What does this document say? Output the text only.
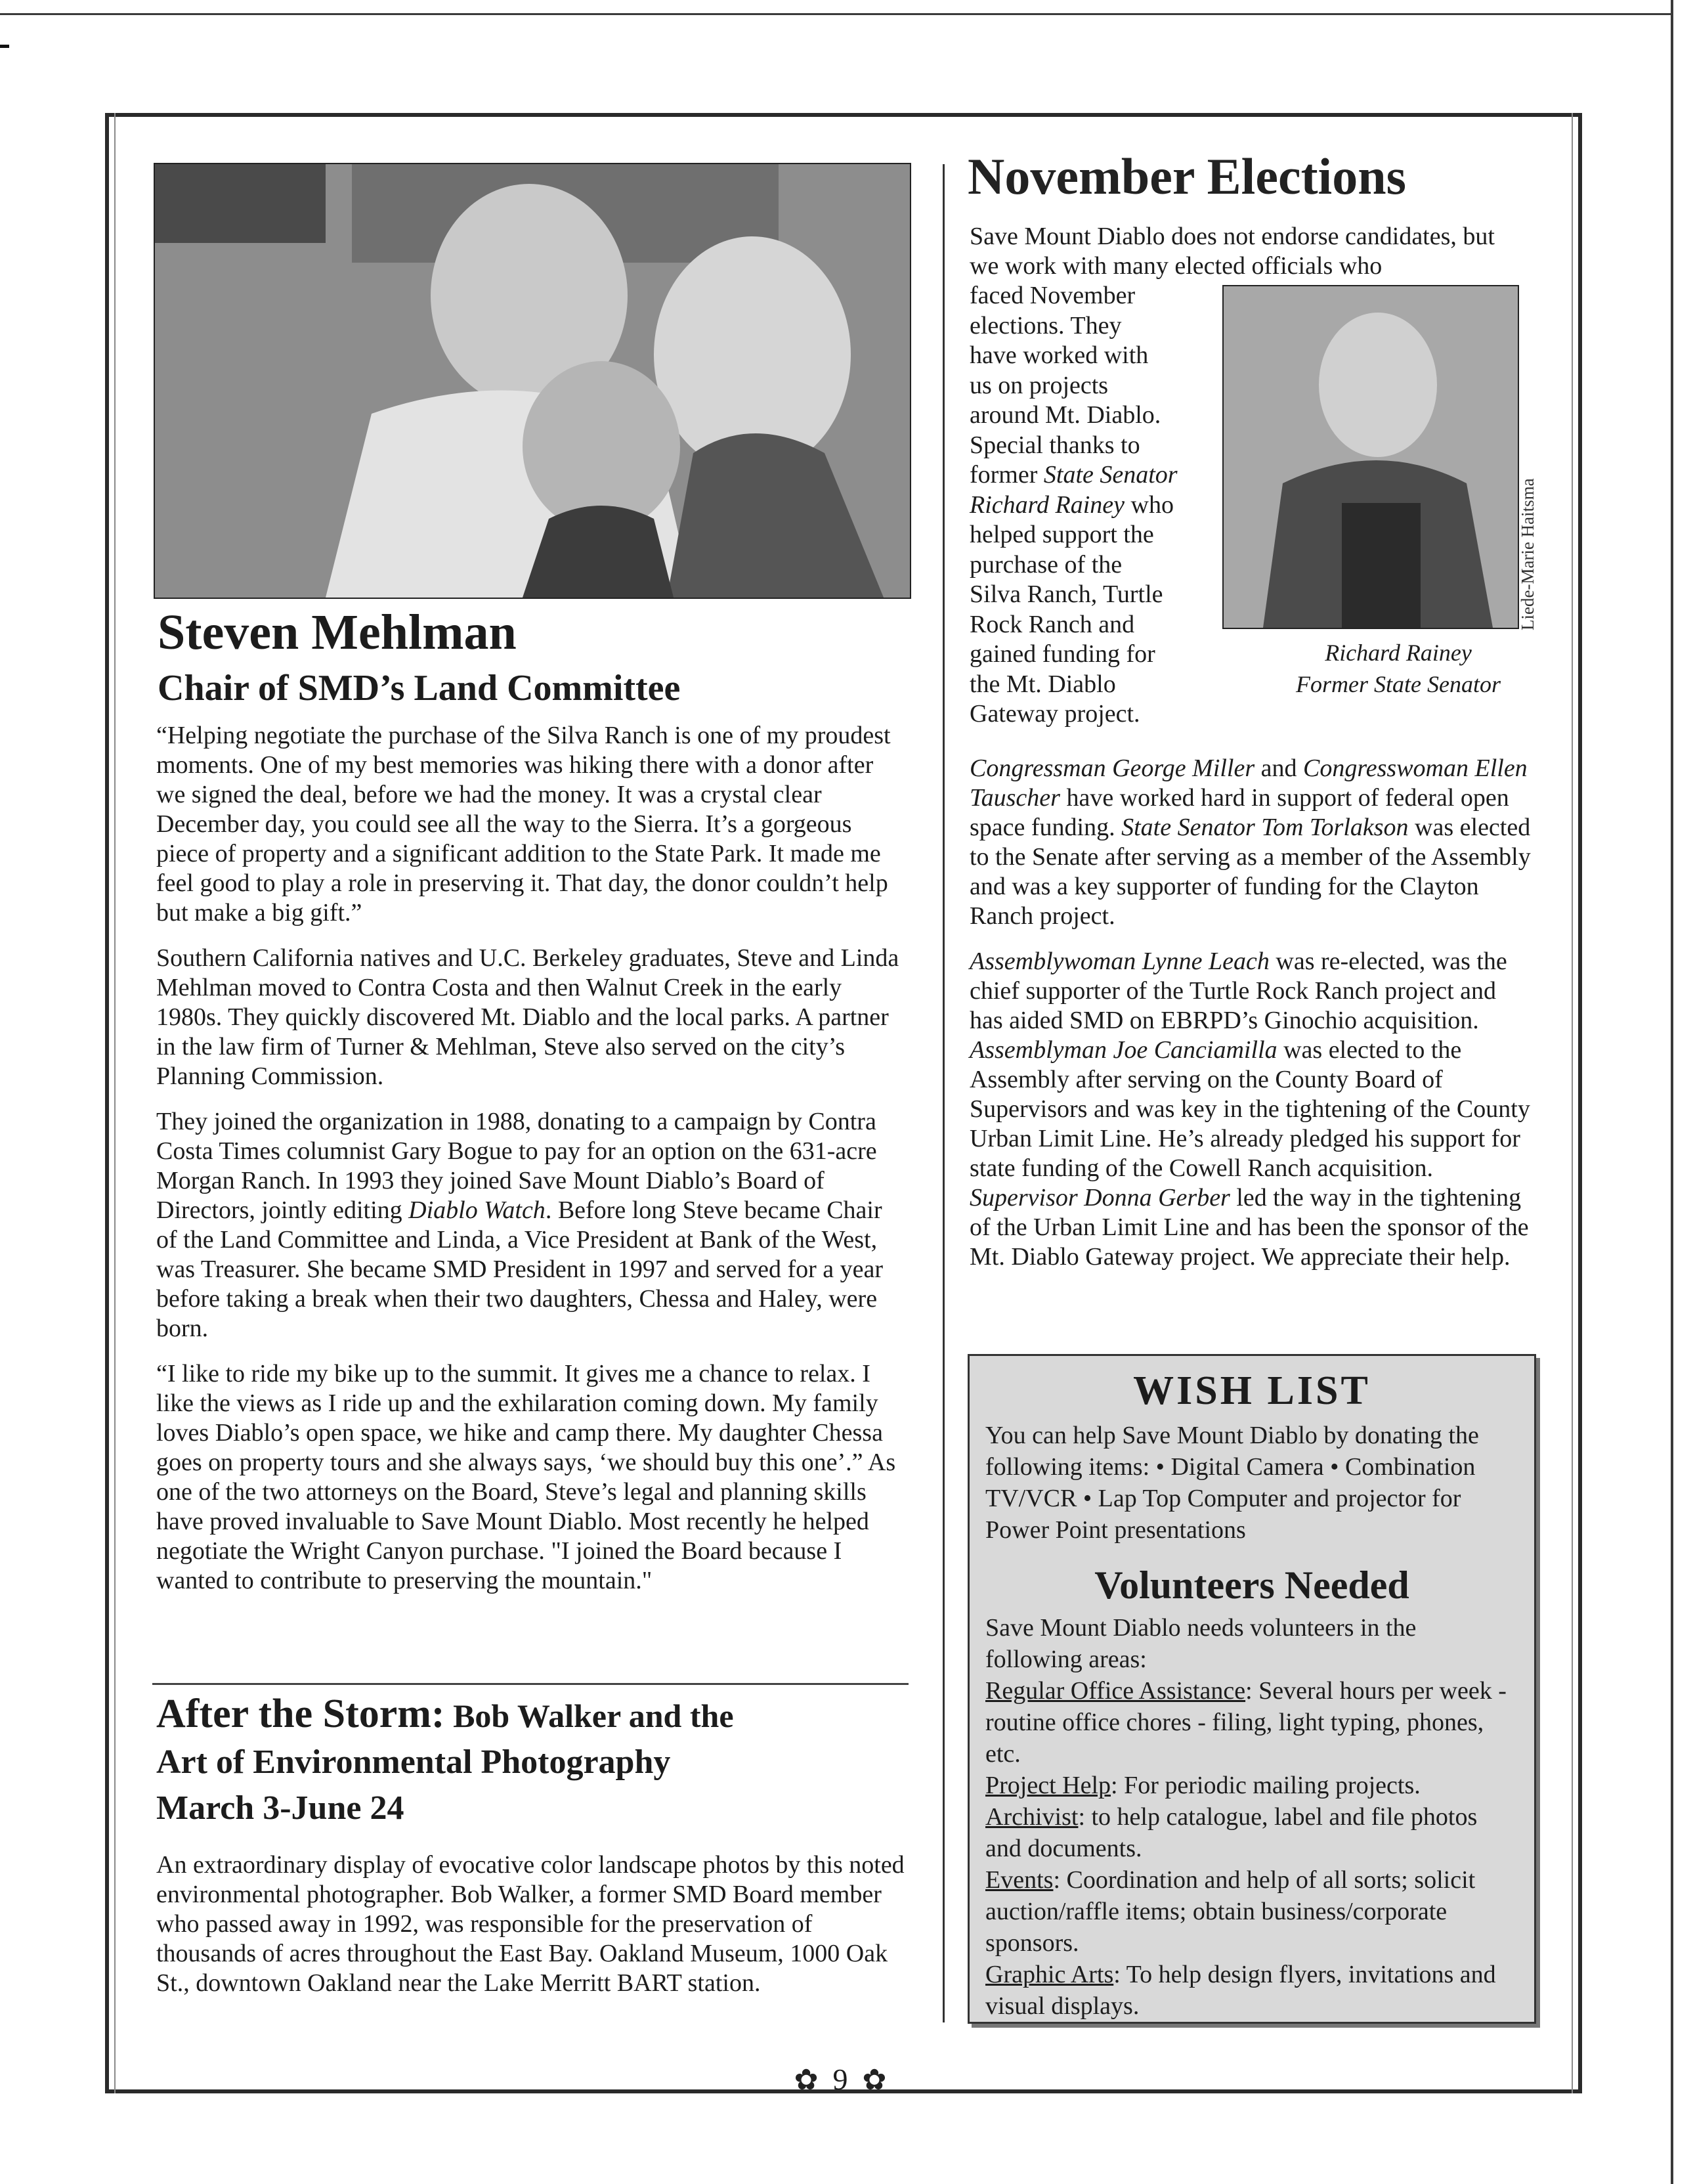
Steven Mehlman
Chair of SMD’s Land Committee

“Helping negotiate the purchase of the Silva Ranch is one of my proudest moments. One of my best memories was hiking there with a donor after we signed the deal, before we had the money. It was a crystal clear December day, you could see all the way to the Sierra. It’s a gorgeous piece of property and a significant addition to the State Park. It made me feel good to play a role in preserving it. That day, the donor couldn’t help but make a big gift.”

Southern California natives and U.C. Berkeley graduates, Steve and Linda Mehlman moved to Contra Costa and then Walnut Creek in the early 1980s. They quickly discovered Mt. Diablo and the local parks. A partner in the law firm of Turner & Mehlman, Steve also served on the city’s Planning Commission.

They joined the organization in 1988, donating to a campaign by Contra Costa Times columnist Gary Bogue to pay for an option on the 631-acre Morgan Ranch. In 1993 they joined Save Mount Diablo’s Board of Directors, jointly editing Diablo Watch. Before long Steve became Chair of the Land Committee and Linda, a Vice President at Bank of the West, was Treasurer. She became SMD President in 1997 and served for a year before taking a break when their two daughters, Chessa and Haley, were born.

“I like to ride my bike up to the summit. It gives me a chance to relax. I like the views as I ride up and the exhilaration coming down. My family loves Diablo’s open space, we hike and camp there. My daughter Chessa goes on property tours and she always says, ‘we should buy this one’.” As one of the two attorneys on the Board, Steve’s legal and planning skills have proved invaluable to Save Mount Diablo. Most recently he helped negotiate the Wright Canyon purchase. "I joined the Board because I wanted to contribute to preserving the mountain."

After the Storm: Bob Walker and the
Art of Environmental Photography
March 3-June 24
An extraordinary display of evocative color landscape photos by this noted environmental photographer. Bob Walker, a former SMD Board member who passed away in 1992, was responsible for the preservation of thousands of acres throughout the East Bay. Oakland Museum, 1000 Oak St., downtown Oakland near the Lake Merritt BART station.
November Elections
Save Mount Diablo does not endorse candidates, but we work with many elected officials who
faced November
elections. They
have worked with
us on projects
around Mt. Diablo.
Special thanks to
former State Senator
Richard Rainey who
helped support the
purchase of the
Silva Ranch, Turtle
Rock Ranch and
gained funding for
the Mt. Diablo
Gateway project.
Liede-Marie Haitsma
Richard Rainey
Former State Senator

Congressman George Miller and Congresswoman Ellen Tauscher have worked hard in support of federal open space funding. State Senator Tom Torlakson was elected to the Senate after serving as a member of the Assembly and was a key supporter of funding for the Clayton Ranch project.

Assemblywoman Lynne Leach was re-elected, was the chief supporter of the Turtle Rock Ranch project and has aided SMD on EBRPD’s Ginochio acquisition. Assemblyman Joe Canciamilla was elected to the Assembly after serving on the County Board of Supervisors and was key in the tightening of the County Urban Limit Line. He’s already pledged his support for state funding of the Cowell Ranch acquisition. Supervisor Donna Gerber led the way in the tightening of the Urban Limit Line and has been the sponsor of the Mt. Diablo Gateway project. We appreciate their help.

WISH LIST
You can help Save Mount Diablo by donating the following items: • Digital Camera • Combination TV/VCR • Lap Top Computer and projector for Power Point presentations
Volunteers Needed
Save Mount Diablo needs volunteers in the following areas:
Regular Office Assistance: Several hours per week - routine office chores - filing, light typing, phones, etc.
Project Help: For periodic mailing projects.
Archivist: to help catalogue, label and file photos and documents.
Events: Coordination and help of all sorts; solicit auction/raffle items; obtain business/corporate sponsors.
Graphic Arts: To help design flyers, invitations and visual displays.
✿ 9 ✿
